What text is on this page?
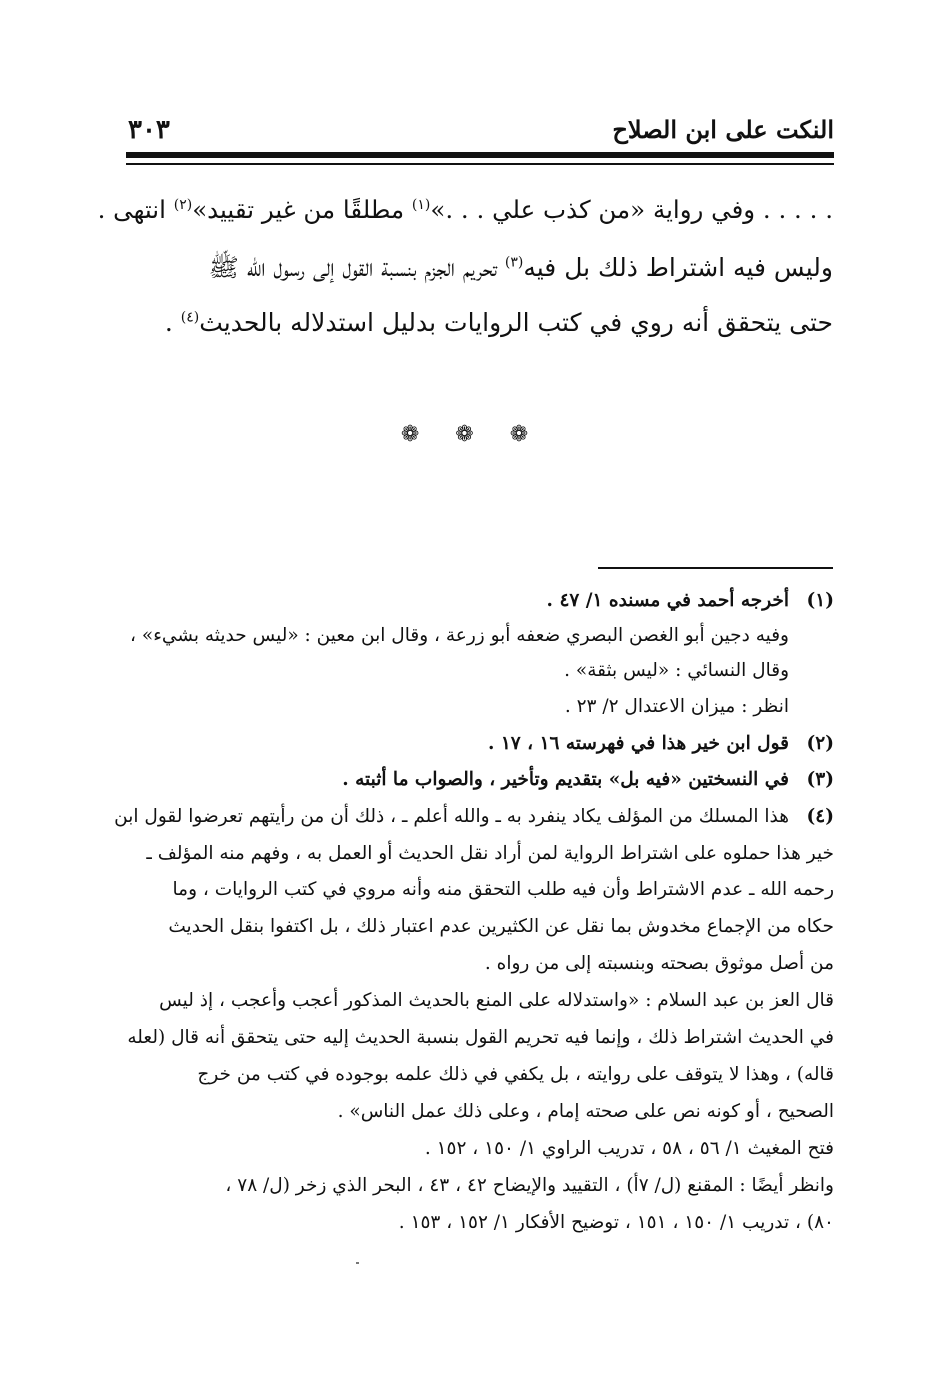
النكت على ابن الصلاح
٣٠٣
. . . . . وفي رواية «من كذب علي . . .»$^{(١)}$ مطلقًا من غير تقييد»$^{(٢)}$ انتهى .
وليس فيه اشتراط ذلك بل فيه$^{(٣)}$ تحريم الجزم بنسبة القول إلى رسول الله ﷺ
حتى يتحقق أنه روي في كتب الروايات بدليل استدلاله بالحديث$^{(٤)}$ .
❁ ❁ ❁
(١)
أخرجه أحمد في مسنده ١/ ٤٧ .
وفيه دجين أبو الغصن البصري ضعفه أبو زرعة ، وقال ابن معين : «ليس حديثه بشيء» ،
وقال النسائي : «ليس بثقة» .
انظر : ميزان الاعتدال ٢/ ٢٣ .
(٢)
قول ابن خير هذا في فهرسته ١٦ ، ١٧ .
(٣)
في النسختين «فيه بل» بتقديم وتأخير ، والصواب ما أثبته .
(٤)
هذا المسلك من المؤلف يكاد ينفرد به ـ والله أعلم ـ ، ذلك أن من رأيتهم تعرضوا لقول ابن
خير هذا حملوه على اشتراط الرواية لمن أراد نقل الحديث أو العمل به ، وفهم منه المؤلف ـ
رحمه الله ـ عدم الاشتراط وأن فيه طلب التحقق منه وأنه مروي في كتب الروايات ، وما
حكاه من الإجماع مخدوش بما نقل عن الكثيرين عدم اعتبار ذلك ، بل اكتفوا بنقل الحديث
من أصل موثوق بصحته وبنسبته إلى من رواه .
قال العز بن عبد السلام : «واستدلاله على المنع بالحديث المذكور أعجب وأعجب ، إذ ليس
في الحديث اشتراط ذلك ، وإنما فيه تحريم القول بنسبة الحديث إليه حتى يتحقق أنه قال (لعله
قاله) ، وهذا لا يتوقف على روايته ، بل يكفي في ذلك علمه بوجوده في كتب من خرج
الصحيح ، أو كونه نص على صحته إمام ، وعلى ذلك عمل الناس» .
فتح المغيث ١/ ٥٦ ، ٥٨ ، تدريب الراوي ١/ ١٥٠ ، ١٥٢ .
وانظر أيضًا : المقنع (ل/ ٧أ) ، التقييد والإيضاح ٤٢ ، ٤٣ ، البحر الذي زخر (ل/ ٧٨ ،
٨٠) ، تدريب ١/ ١٥٠ ، ١٥١ ، توضيح الأفكار ١/ ١٥٢ ، ١٥٣ .
